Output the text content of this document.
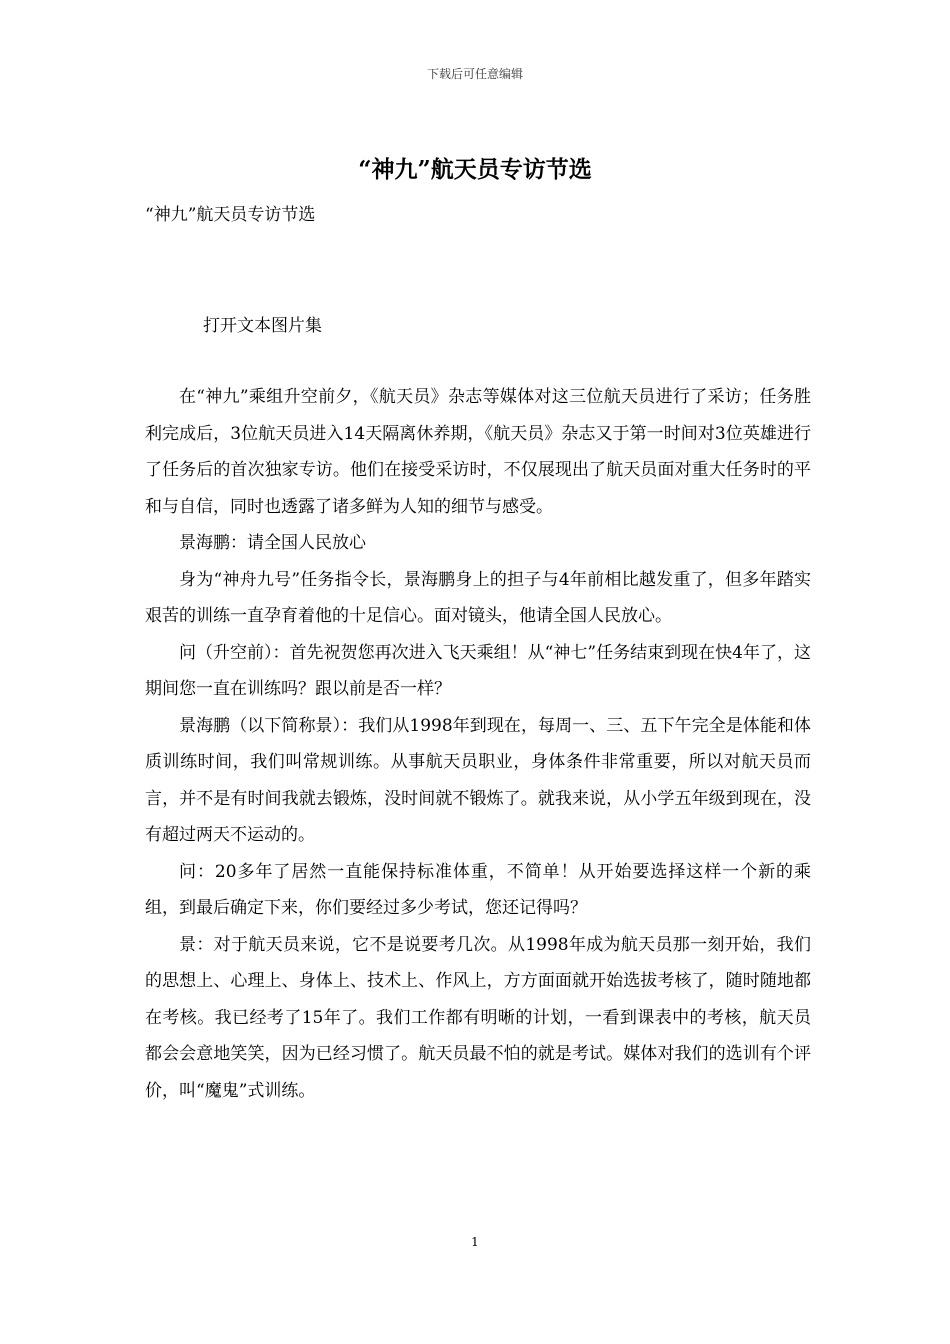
下载后可任意编辑
“神九”航天员专访节选

“神九”航天员专访节选

打开文本图片集

在“神九”乘组升空前夕，《航天员》杂志等媒体对这三位航天员进行了采访；任务胜利完成后，3位航天员进入14天隔离休养期，《航天员》杂志又于第一时间对3位英雄进行了任务后的首次独家专访。他们在接受采访时，不仅展现出了航天员面对重大任务时的平和与自信，同时也透露了诸多鲜为人知的细节与感受。

景海鹏：请全国人民放心

身为“神舟九号”任务指令长，景海鹏身上的担子与4年前相比越发重了，但多年踏实艰苦的训练一直孕育着他的十足信心。面对镜头，他请全国人民放心。

问（升空前）：首先祝贺您再次进入飞天乘组！从“神七”任务结束到现在快4年了，这期间您一直在训练吗？跟以前是否一样？

景海鹏（以下简称景）：我们从1998年到现在，每周一、三、五下午完全是体能和体质训练时间，我们叫常规训练。从事航天员职业，身体条件非常重要，所以对航天员而言，并不是有时间我就去锻炼，没时间就不锻炼了。就我来说，从小学五年级到现在，没有超过两天不运动的。

问：20多年了居然一直能保持标准体重，不简单！从开始要选择这样一个新的乘组，到最后确定下来，你们要经过多少考试，您还记得吗？

景：对于航天员来说，它不是说要考几次。从1998年成为航天员那一刻开始，我们的思想上、心理上、身体上、技术上、作风上，方方面面就开始选拔考核了，随时随地都在考核。我已经考了15年了。我们工作都有明晰的计划，一看到课表中的考核，航天员都会会意地笑笑，因为已经习惯了。航天员最不怕的就是考试。媒体对我们的选训有个评价，叫“魔鬼”式训练。

1
